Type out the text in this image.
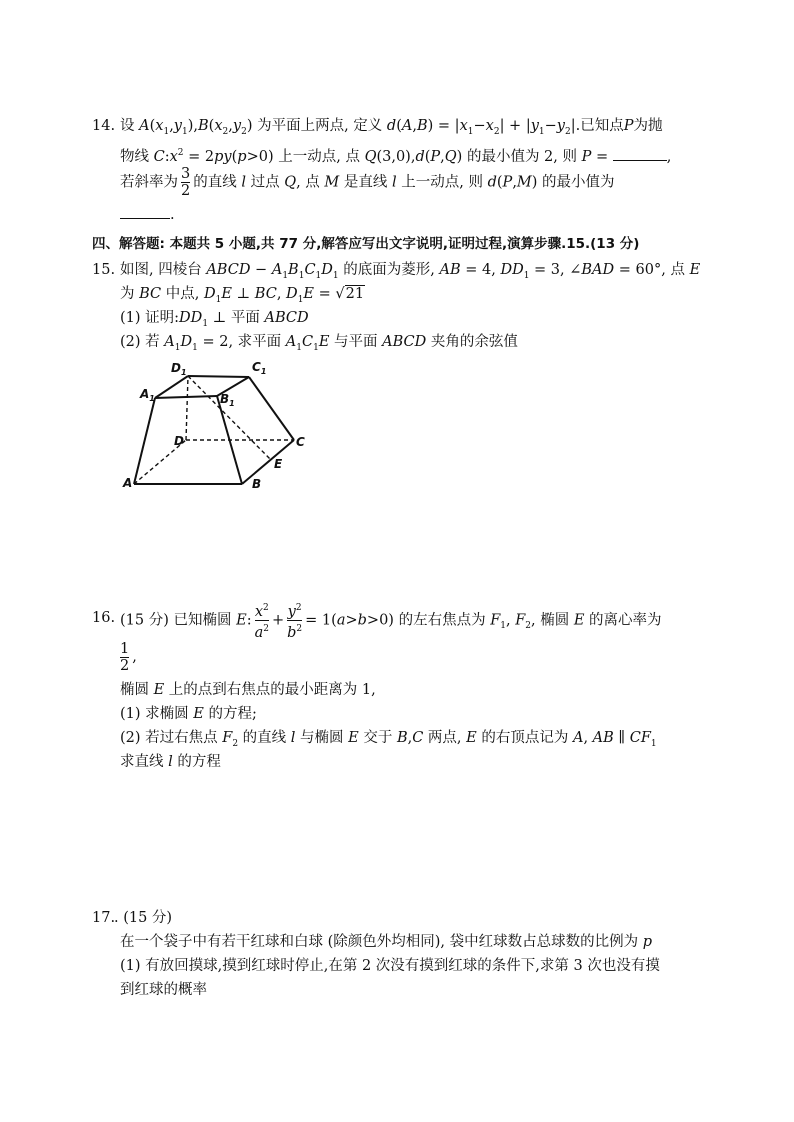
14. 设 $A(x_1,y_1),B(x_2,y_2)$ 为平面上两点, 定义 $d(A,B) = |x_1-x_2| + |y_1-y_2|$.已知点P为抛
物线 $C:x^2 = 2py(p>0)$ 上一动点, 点 Q(3,0),d(P,Q) 的最小值为 2, 则 P =	,
若斜率为 $\frac{3}{2}$ 的直线 l 过点 Q, 点 M 是直线 l 上一动点, 则 d(P,M) 的最小值为
.
四、解答题: 本题共 5 小题,共 77 分,解答应写出文字说明,证明过程,演算步骤.15.(13 分)
15. 如图, 四棱台 ABCD − $A_1B_1C_1D_1$ 的底面为菱形, AB = 4, $DD_1 = 3$, ∠BAD = 60°, 点 E
为 BC 中点, $D_1E$ ⊥ BC, $D_1E = √21$
(1) 证明$:DD_1$ ⊥ 平面 ABCD
(2) 若 $A_1D_1 = 2$, 求平面 $A_1C_1E$ 与平面 ABCD 夹角的余弦值
$D_1$	$C_1$
$A_1$	$B_1$
D	C
A	B
E
16. (15 分) 已知椭圆 E: $\frac{x^2}{a^2} + \frac{y^2}{b^2} = 1(a>b>0)$ 的左右焦点为 $F_1$, $F_2$, 椭圆 E 的离心率为
$\frac{1}{2}$ ,
椭圆 E 上的点到右焦点的最小距离为 1,
(1) 求椭圆 E 的方程;
(2) 若过右焦点 $F_2$ 的直线 l 与椭圆 E 交于 B,C 两点, E 的右顶点记为 A, AB ∥ $CF_1$
求直线 l 的方程
17.
. (15 分)
在一个袋子中有若干红球和白球 (除颜色外均相同), 袋中红球数占总球数的比例为 p
(1) 有放回摸球,摸到红球时停止,在第 2 次没有摸到红球的条件下,求第 3 次也没有摸
到红球的概率
